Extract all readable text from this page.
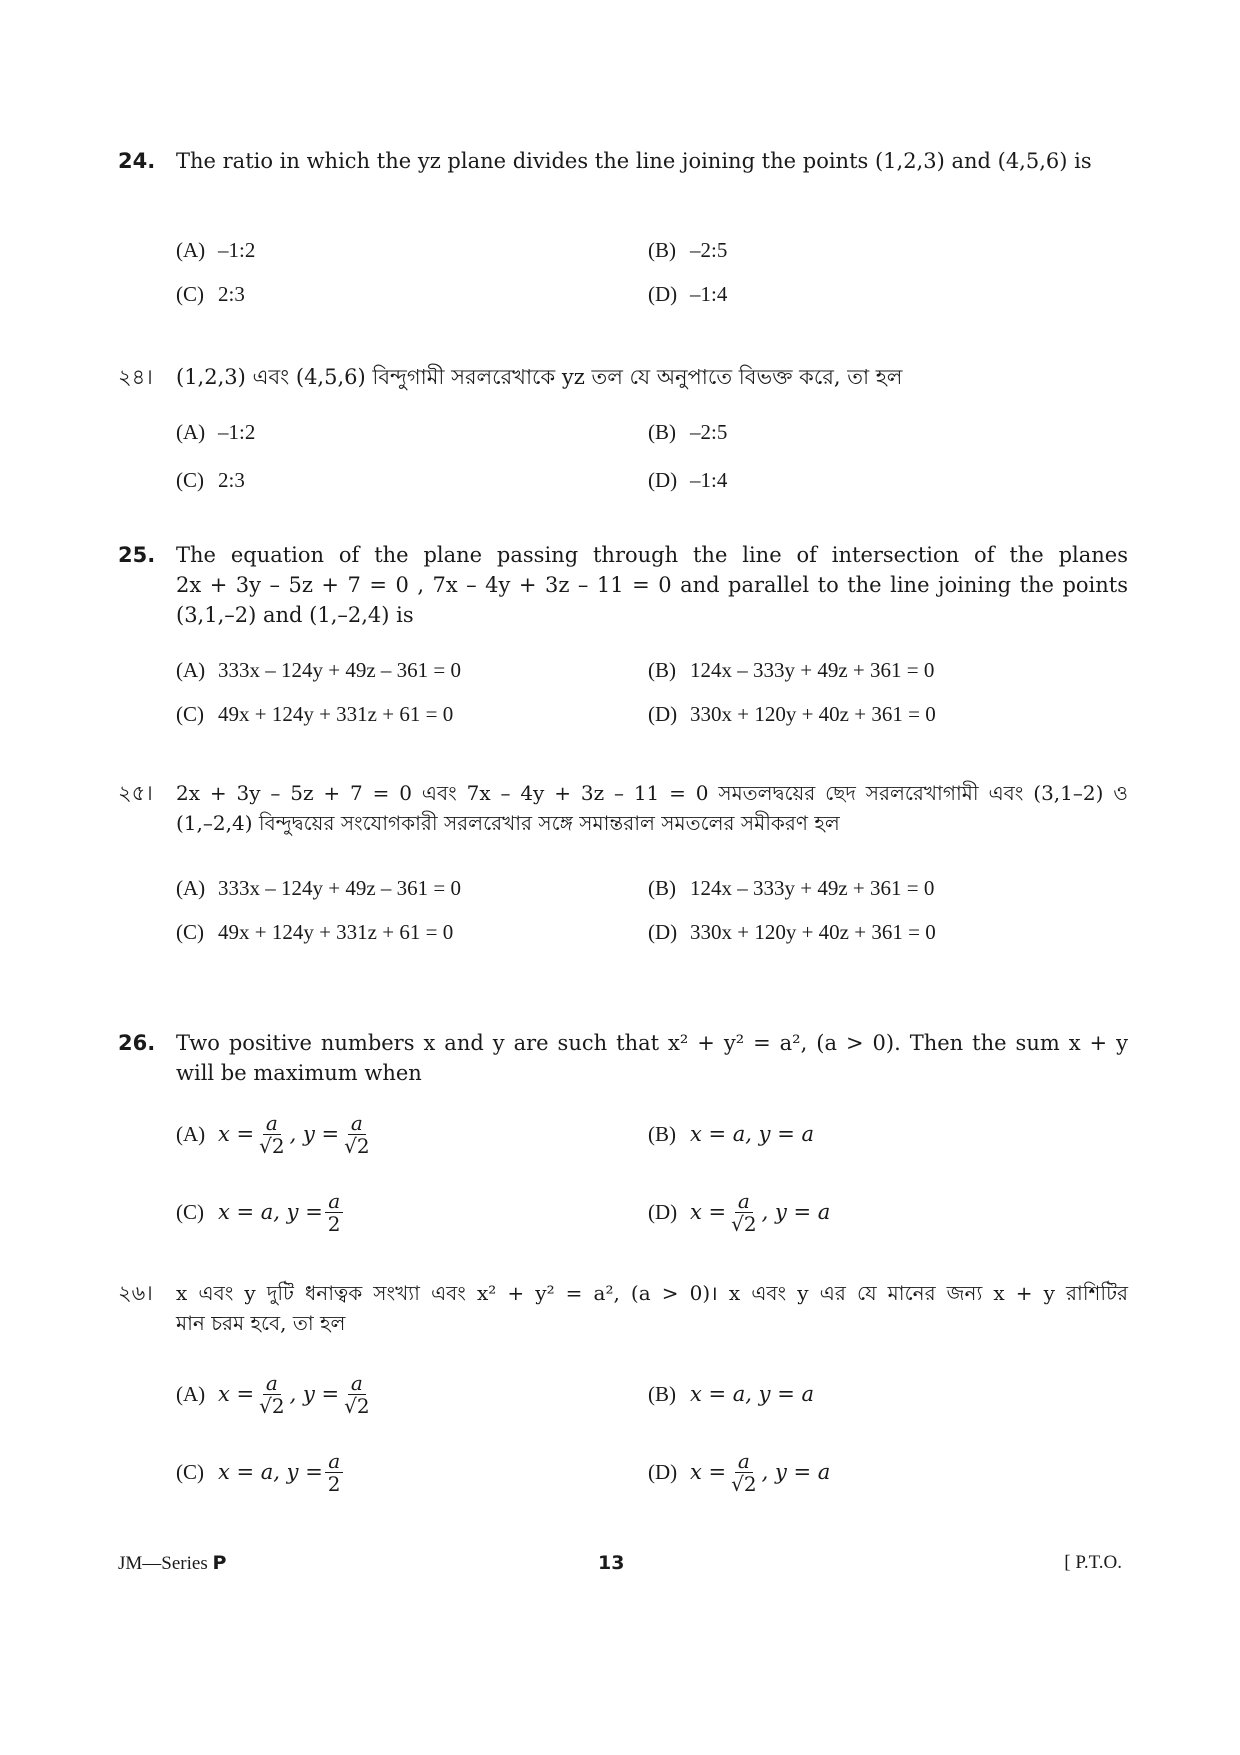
24. The ratio in which the yz plane divides the line joining the points (1,2,3) and (4,5,6) is
(A) –1:2	(B) –2:5
(C) 2:3	(D) –1:4
২৪।	(1,2,3) এবং (4,5,6) বিন্দুগামী সরলরেখাকে yz তল যে অনুপাতে বিভক্ত করে, তা হল
(A) –1:2	(B) –2:5
(C) 2:3	(D) –1:4
25. The equation of the plane passing through the line of intersection of the planes
2x + 3y – 5z + 7 = 0 , 7x – 4y + 3z – 11 = 0 and parallel to the line joining the points
(3,1,–2) and (1,–2,4) is
(A) 333x – 124y + 49z – 361 = 0	(B) 124x – 333y + 49z + 361 = 0
(C) 49x + 124y + 331z + 61 = 0	(D) 330x + 120y + 40z + 361 = 0
২৫।	2x + 3y – 5z + 7 = 0 এবং 7x – 4y + 3z – 11 = 0 সমতলদ্বয়ের ছেদ সরলরেখাগামী এবং (3,1–2) ও
(1,–2,4) বিন্দুদ্বয়ের সংযোগকারী সরলরেখার সঙ্গে সমান্তরাল সমতলের সমীকরণ হল
(A) 333x – 124y + 49z – 361 = 0	(B) 124x – 333y + 49z + 361 = 0
(C) 49x + 124y + 331z + 61 = 0	(D) 330x + 120y + 40z + 361 = 0
26. Two positive numbers x and y are such that x² + y² = a², (a > 0). Then the sum x + y
will be maximum when
(A) $x = \frac{a}{√2}$ , $y = \frac{a}{√2}$	(B) x = a, y = a
(C) x = a, $y = \frac{a}{2}$	(D) $x = \frac{a}{√2}$ , y = a
২৬।	x এবং y দুটি ধনাত্বক সংখ্যা এবং x² + y² = a², (a > 0)। x এবং y এর যে মানের জন্য x + y রাশিটির
মান চরম হবে, তা হল
(A) $x = \frac{a}{√2}$ , $y = \frac{a}{√2}$	(B) x = a, y = a
(C) x = a, $y = \frac{a}{2}$	(D) $x = \frac{a}{√2}$ , y = a
JM—Series P	13	[ P.T.O.
